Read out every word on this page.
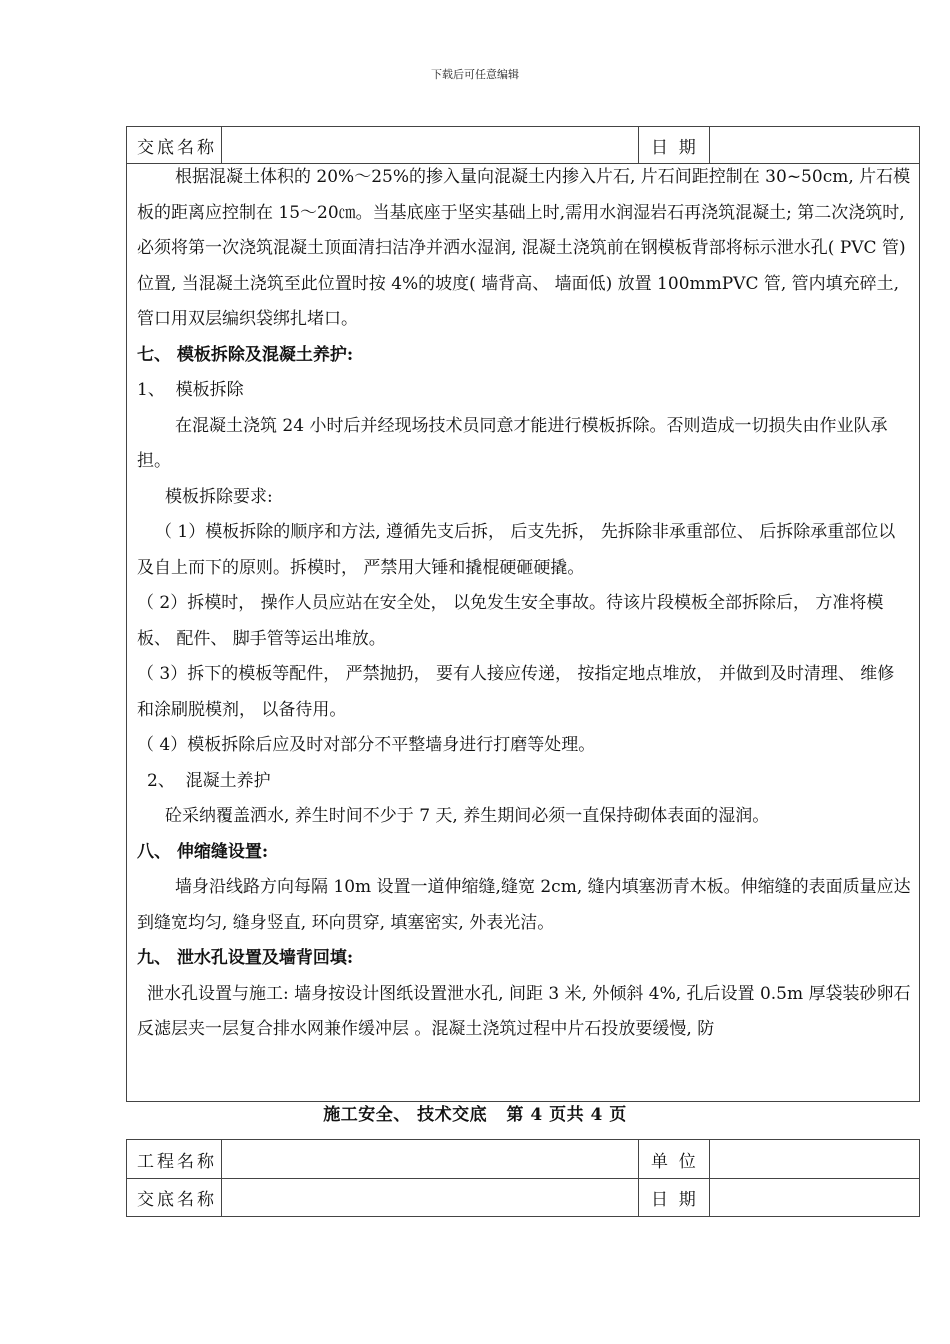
下载后可任意编辑
交底名称	日  期

根据混凝土体积的 20%～25%的掺入量向混凝土内掺入片石, 片石间距控制在 30~50cm, 片石模板的距离应控制在 15～20㎝。当基底座于坚实基础上时,需用水润湿岩石再浇筑混凝土; 第二次浇筑时, 必须将第一次浇筑混凝土顶面清扫洁净并洒水湿润, 混凝土浇筑前在钢模板背部将标示泄水孔( PVC 管) 位置, 当混凝土浇筑至此位置时按 4%的坡度( 墙背高、 墙面低) 放置 100mmPVC 管, 管内填充碎土, 管口用双层编织袋绑扎堵口。

七、 模板拆除及混凝土养护:

1、  模板拆除

在混凝土浇筑 24 小时后并经现场技术员同意才能进行模板拆除。否则造成一切损失由作业队承担。

模板拆除要求:

（ 1）模板拆除的顺序和方法, 遵循先支后拆， 后支先拆， 先拆除非承重部位、 后拆除承重部位以及自上而下的原则。拆模时， 严禁用大锤和撬棍硬砸硬撬。

（ 2）拆模时， 操作人员应站在安全处， 以免发生安全事故。待该片段模板全部拆除后， 方准将模板、 配件、 脚手管等运出堆放。

（ 3）拆下的模板等配件， 严禁抛扔， 要有人接应传递， 按指定地点堆放， 并做到及时清理、 维修和涂刷脱模剂， 以备待用。

（ 4）模板拆除后应及时对部分不平整墙身进行打磨等处理。

2、  混凝土养护

砼采纳覆盖洒水, 养生时间不少于 7 天, 养生期间必须一直保持砌体表面的湿润。

八、 伸缩缝设置:

墙身沿线路方向每隔 10m 设置一道伸缩缝,缝宽 2cm, 缝内填塞沥青木板。伸缩缝的表面质量应达到缝宽均匀, 缝身竖直, 环向贯穿, 填塞密实, 外表光洁。

九、 泄水孔设置及墙背回填:

泄水孔设置与施工: 墙身按设计图纸设置泄水孔, 间距 3 米, 外倾斜 4%, 孔后设置 0.5m 厚袋装砂卵石反滤层夹一层复合排水网兼作缓冲层 。混凝土浇筑过程中片石投放要缓慢, 防

施工安全、 技术交底   第 4 页共 4 页
工程名称	单  位
交底名称	日  期
